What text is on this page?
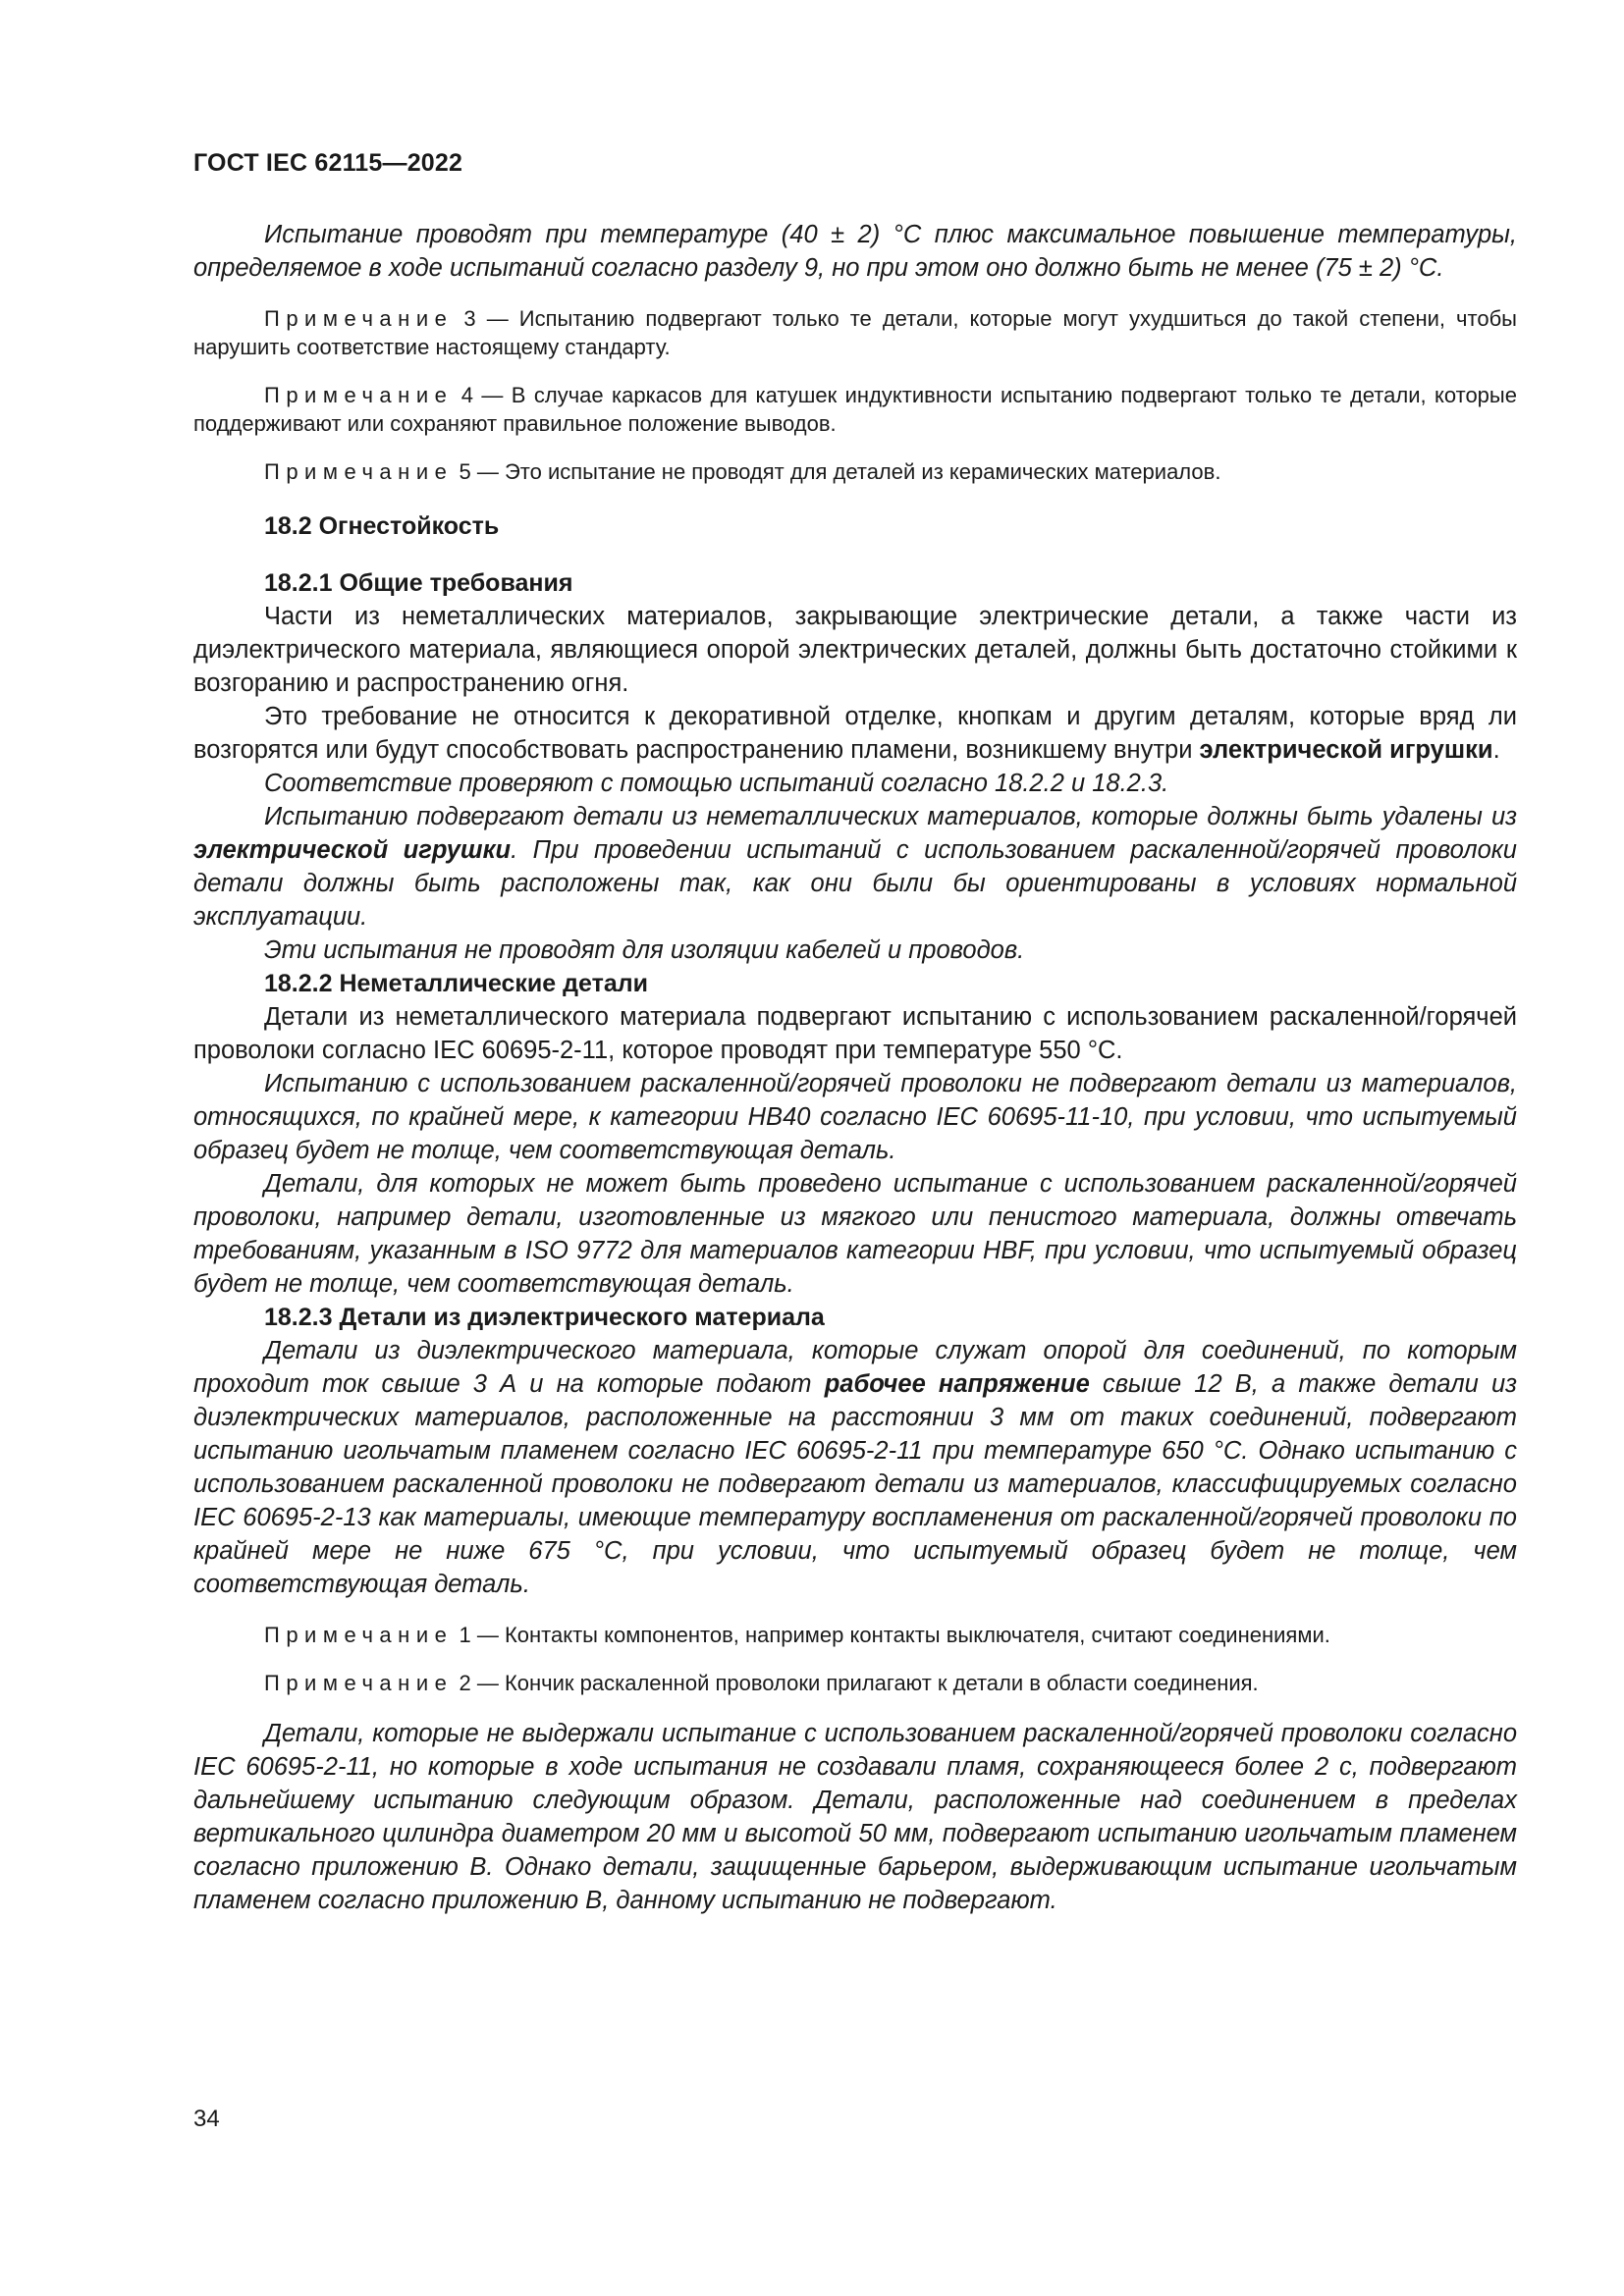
ГОСТ IEC 62115—2022

Испытание проводят при температуре (40 ± 2) °С плюс максимальное повышение температуры, определяемое в ходе испытаний согласно разделу 9, но при этом оно должно быть не менее (75 ± 2) °С.

Примечание 3 — Испытанию подвергают только те детали, которые могут ухудшиться до такой степени, чтобы нарушить соответствие настоящему стандарту.

Примечание 4 — В случае каркасов для катушек индуктивности испытанию подвергают только те детали, которые поддерживают или сохраняют правильное положение выводов.

Примечание 5 — Это испытание не проводят для деталей из керамических материалов.

18.2 Огнестойкость
18.2.1 Общие требования

Части из неметаллических материалов, закрывающие электрические детали, а также части из диэлектрического материала, являющиеся опорой электрических деталей, должны быть достаточно стойкими к возгоранию и распространению огня.

Это требование не относится к декоративной отделке, кнопкам и другим деталям, которые вряд ли возгорятся или будут способствовать распространению пламени, возникшему внутри электрической игрушки.

Соответствие проверяют с помощью испытаний согласно 18.2.2 и 18.2.3.

Испытанию подвергают детали из неметаллических материалов, которые должны быть удалены из электрической игрушки. При проведении испытаний с использованием раскаленной/горячей проволоки детали должны быть расположены так, как они были бы ориентированы в условиях нормальной эксплуатации.

Эти испытания не проводят для изоляции кабелей и проводов.

18.2.2 Неметаллические детали

Детали из неметаллического материала подвергают испытанию с использованием раскаленной/горячей проволоки согласно IEC 60695-2-11, которое проводят при температуре 550 °С.

Испытанию с использованием раскаленной/горячей проволоки не подвергают детали из материалов, относящихся, по крайней мере, к категории НВ40 согласно IEC 60695-11-10, при условии, что испытуемый образец будет не толще, чем соответствующая деталь.

Детали, для которых не может быть проведено испытание с использованием раскаленной/горячей проволоки, например детали, изготовленные из мягкого или пенистого материала, должны отвечать требованиям, указанным в ISO 9772 для материалов категории HBF, при условии, что испытуемый образец будет не толще, чем соответствующая деталь.

18.2.3 Детали из диэлектрического материала

Детали из диэлектрического материала, которые служат опорой для соединений, по которым проходит ток свыше 3 А и на которые подают рабочее напряжение свыше 12 В, а также детали из диэлектрических материалов, расположенные на расстоянии 3 мм от таких соединений, подвергают испытанию игольчатым пламенем согласно IEC 60695-2-11 при температуре 650 °С. Однако испытанию с использованием раскаленной проволоки не подвергают детали из материалов, классифицируемых согласно IEC 60695-2-13 как материалы, имеющие температуру воспламенения от раскаленной/горячей проволоки по крайней мере не ниже 675 °С, при условии, что испытуемый образец будет не толще, чем соответствующая деталь.

Примечание 1 — Контакты компонентов, например контакты выключателя, считают соединениями.

Примечание 2 — Кончик раскаленной проволоки прилагают к детали в области соединения.

Детали, которые не выдержали испытание с использованием раскаленной/горячей проволоки согласно IEC 60695-2-11, но которые в ходе испытания не создавали пламя, сохраняющееся более 2 с, подвергают дальнейшему испытанию следующим образом. Детали, расположенные над соединением в пределах вертикального цилиндра диаметром 20 мм и высотой 50 мм, подвергают испытанию игольчатым пламенем согласно приложению В. Однако детали, защищенные барьером, выдерживающим испытание игольчатым пламенем согласно приложению В, данному испытанию не подвергают.

34
